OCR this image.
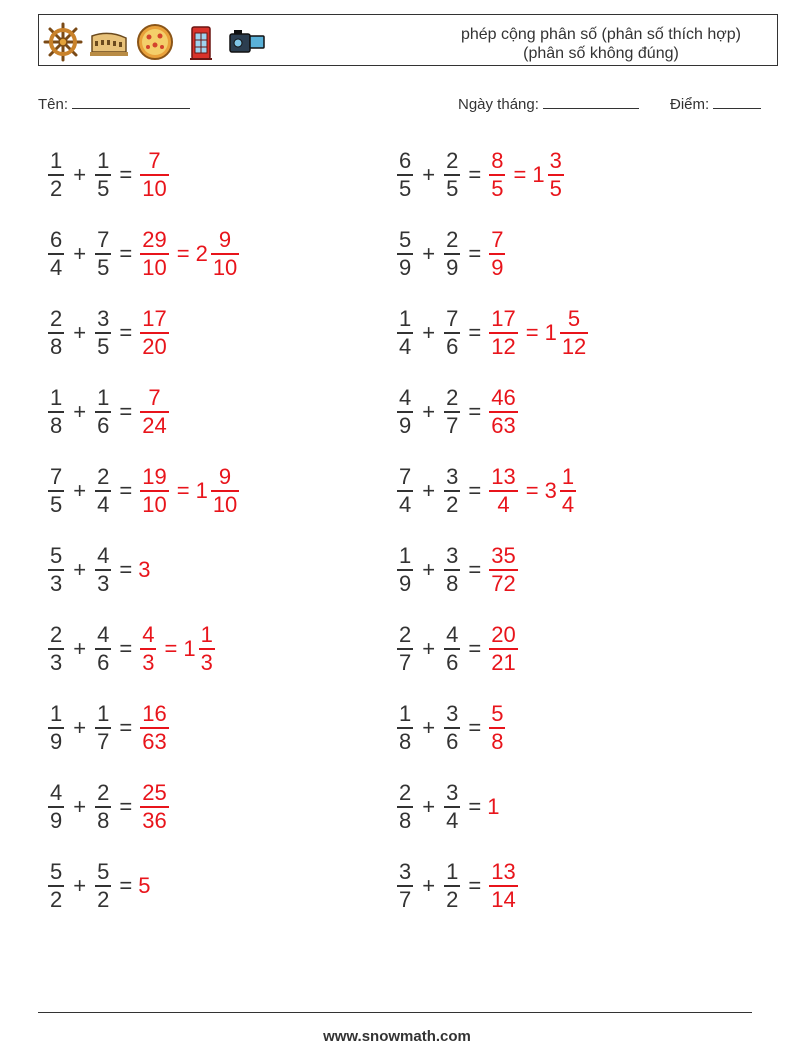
phép cộng phân số (phân số thích hợp)
(phân số không đúng)
Tên:	Ngày tháng:	Điểm:
$\frac{1}{2} + \frac{1}{5} = \frac{7}{10}$	$\frac{6}{5} + \frac{2}{5} = \frac{8}{5} = 1 \frac{3}{5}$
$\frac{6}{4} + \frac{7}{5} = \frac{29}{10} = 2 \frac{9}{10}$	$\frac{5}{9} + \frac{2}{9} = \frac{7}{9}$
$\frac{2}{8} + \frac{3}{5} = \frac{17}{20}$	$\frac{1}{4} + \frac{7}{6} = \frac{17}{12} = 1 \frac{5}{12}$
$\frac{1}{8} + \frac{1}{6} = \frac{7}{24}$	$\frac{4}{9} + \frac{2}{7} = \frac{46}{63}$
$\frac{7}{5} + \frac{2}{4} = \frac{19}{10} = 1 \frac{9}{10}$	$\frac{7}{4} + \frac{3}{2} = \frac{13}{4} = 3 \frac{1}{4}$
$\frac{5}{3} + \frac{4}{3} = 3$	$\frac{1}{9} + \frac{3}{8} = \frac{35}{72}$
$\frac{2}{3} + \frac{4}{6} = \frac{4}{3} = 1 \frac{1}{3}$	$\frac{2}{7} + \frac{4}{6} = \frac{20}{21}$
$\frac{1}{9} + \frac{1}{7} = \frac{16}{63}$	$\frac{1}{8} + \frac{3}{6} = \frac{5}{8}$
$\frac{4}{9} + \frac{2}{8} = \frac{25}{36}$	$\frac{2}{8} + \frac{3}{4} = 1$
$\frac{5}{2} + \frac{5}{2} = 5$	$\frac{3}{7} + \frac{1}{2} = \frac{13}{14}$
www.snowmath.com
